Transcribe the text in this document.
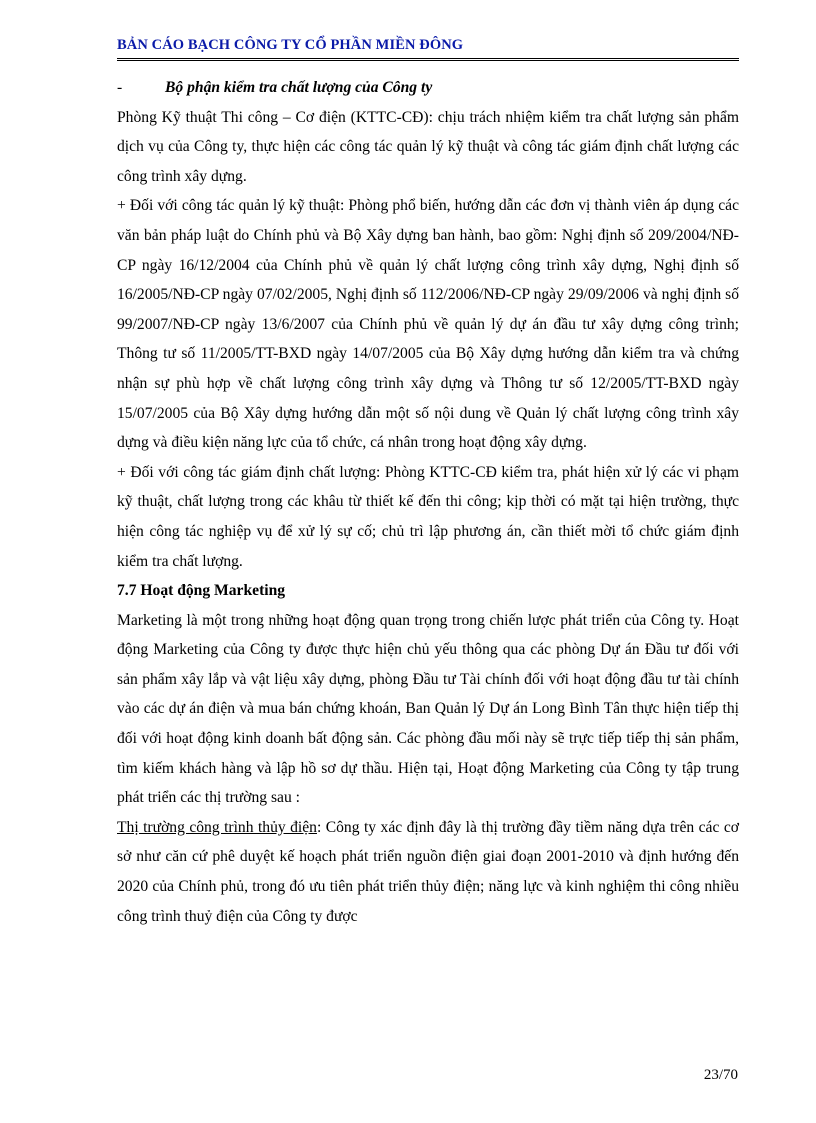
BẢN CÁO BẠCH CÔNG TY CỔ PHẦN MIỀN ĐÔNG
-	Bộ phận kiểm tra chất lượng của Công ty

Phòng Kỹ thuật Thi công – Cơ điện (KTTC-CĐ): chịu trách nhiệm kiểm tra chất lượng sản phẩm dịch vụ của Công ty, thực hiện các công tác quản lý kỹ thuật và công tác giám định chất lượng các công trình xây dựng.

+ Đối với công tác quản lý kỹ thuật: Phòng phổ biến, hướng dẫn các đơn vị thành viên áp dụng các văn bản pháp luật do Chính phủ và Bộ Xây dựng ban hành, bao gồm: Nghị định số 209/2004/NĐ-CP ngày 16/12/2004 của Chính phủ về quản lý chất lượng công trình xây dựng, Nghị định số 16/2005/NĐ-CP ngày 07/02/2005, Nghị định số 112/2006/NĐ-CP ngày 29/09/2006 và nghị định số 99/2007/NĐ-CP ngày 13/6/2007 của Chính phủ về quản lý dự án đầu tư xây dựng công trình; Thông tư số 11/2005/TT-BXD ngày 14/07/2005 của Bộ Xây dựng hướng dẫn kiểm tra và chứng nhận sự phù hợp về chất lượng công trình xây dựng và Thông tư số 12/2005/TT-BXD ngày 15/07/2005 của Bộ Xây dựng hướng dẫn một số nội dung về Quản lý chất lượng công trình xây dựng và điều kiện năng lực của tổ chức, cá nhân trong hoạt động xây dựng.

+ Đối với công tác giám định chất lượng: Phòng KTTC-CĐ kiểm tra, phát hiện xử lý các vi phạm kỹ thuật, chất lượng trong các khâu từ thiết kế đến thi công; kịp thời có mặt tại hiện trường, thực hiện công tác nghiệp vụ để xử lý sự cố; chủ trì lập phương án, cần thiết mời tổ chức giám định kiểm tra chất lượng.

7.7 Hoạt động Marketing

Marketing là một trong những hoạt động quan trọng trong chiến lược phát triển của Công ty. Hoạt động Marketing của Công ty được thực hiện chủ yếu thông qua các phòng Dự án Đầu tư đối với sản phẩm xây lắp và vật liệu xây dựng, phòng Đầu tư Tài chính đối với hoạt động đầu tư tài chính vào các dự án điện và mua bán chứng khoán, Ban Quản lý Dự án Long Bình Tân thực hiện tiếp thị đối với hoạt động kinh doanh bất động sản. Các phòng đầu mối này sẽ trực tiếp tiếp thị sản phẩm, tìm kiếm khách hàng và lập hồ sơ dự thầu. Hiện tại, Hoạt động Marketing của Công ty tập trung phát triển các thị trường sau :

Thị trường công trình thủy điện: Công ty xác định đây là thị trường đầy tiềm năng dựa trên các cơ sở như căn cứ phê duyệt kế hoạch phát triển nguồn điện giai đoạn 2001-2010 và định hướng đến 2020 của Chính phủ, trong đó ưu tiên phát triển thủy điện; năng lực và kinh nghiệm thi công nhiều công trình thuỷ điện của Công ty được

23/70
